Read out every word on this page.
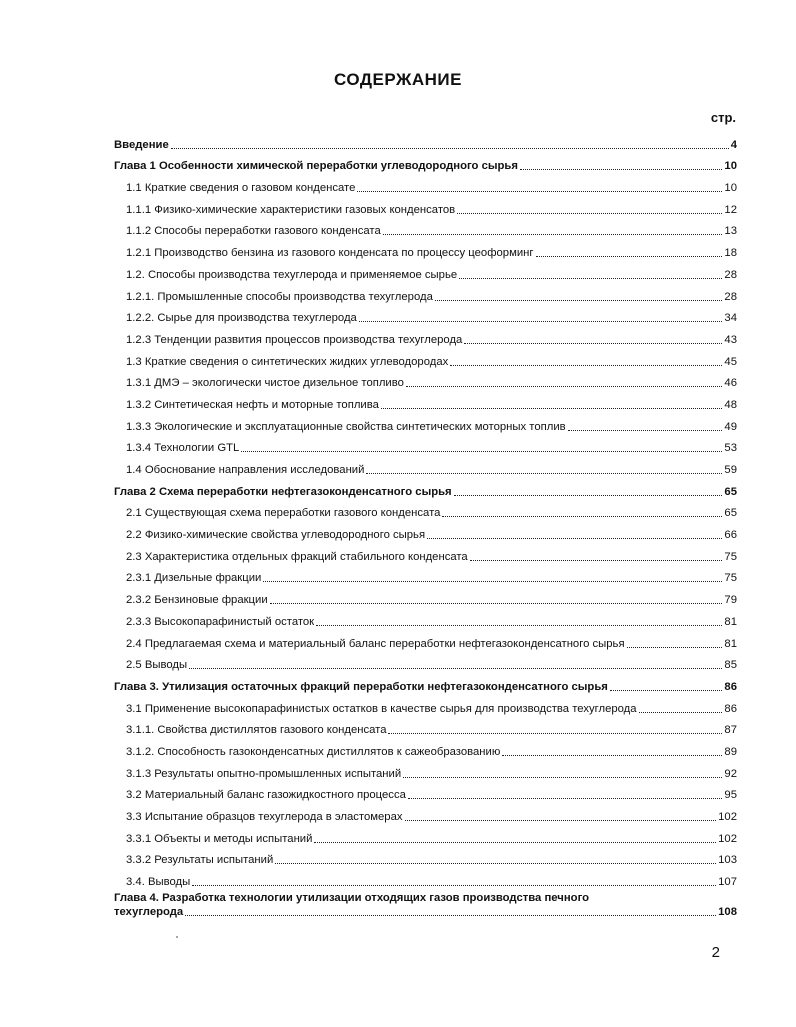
СОДЕРЖАНИЕ
стр.
Введение	4
Глава 1 Особенности химической переработки углеводородного сырья	10
1.1 Краткие сведения о газовом конденсате	10
1.1.1 Физико-химические характеристики газовых конденсатов	12
1.1.2 Способы переработки газового конденсата	13
1.2.1 Производство бензина из газового конденсата по процессу цеоформинг	18
1.2. Способы производства техуглерода и применяемое сырье	28
1.2.1. Промышленные способы производства техуглерода	28
1.2.2. Сырье для производства техуглерода	34
1.2.3 Тенденции развития процессов производства техуглерода	43
1.3 Краткие сведения о синтетических жидких углеводородах	45
1.3.1 ДМЭ – экологически чистое дизельное топливо	46
1.3.2 Синтетическая нефть и моторные топлива	48
1.3.3 Экологические и эксплуатационные свойства синтетических моторных топлив	49
1.3.4 Технологии GTL	53
1.4 Обоснование направления исследований	59
Глава 2 Схема переработки нефтегазоконденсатного сырья	65
2.1 Существующая схема переработки газового конденсата	65
2.2 Физико-химические свойства углеводородного сырья	66
2.3 Характеристика отдельных фракций стабильного конденсата	75
2.3.1 Дизельные фракции	75
2.3.2 Бензиновые фракции	79
2.3.3 Высокопарафинистый остаток	81
2.4 Предлагаемая схема и материальный баланс переработки нефтегазоконденсатного сырья	81
2.5 Выводы	85
Глава 3. Утилизация остаточных фракций переработки нефтегазоконденсатного сырья	86
3.1 Применение высокопарафинистых остатков в качестве сырья для производства техуглерода	86
3.1.1. Свойства дистиллятов газового конденсата	87
3.1.2. Способность газоконденсатных дистиллятов к сажеобразованию	89
3.1.3 Результаты опытно-промышленных испытаний	92
3.2 Материальный баланс газожидкостного процесса	95
3.3 Испытание образцов техуглерода в эластомерах	102
3.3.1 Объекты и методы испытаний	102
3.3.2 Результаты испытаний	103
3.4. Выводы	107
Глава 4. Разработка технологии утилизации отходящих газов производства печного
техуглерода	108
2
